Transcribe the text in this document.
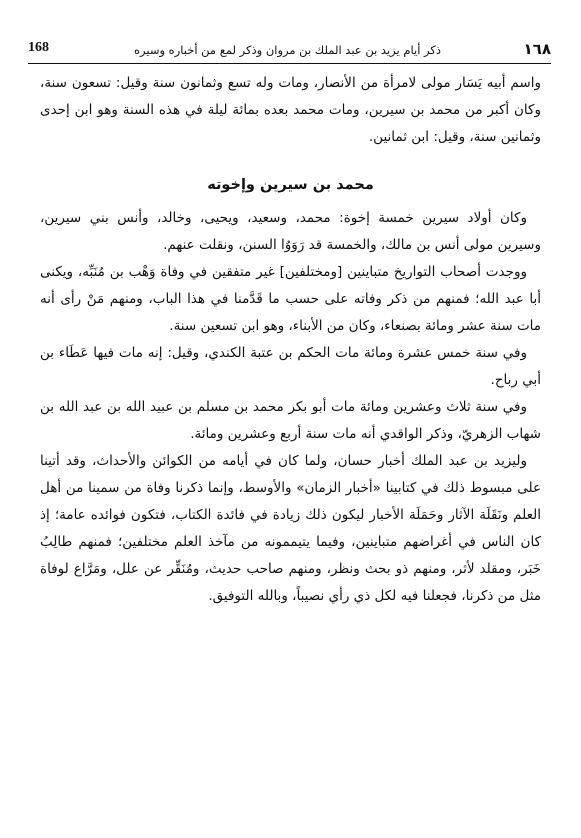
١٦٨
ذكر أيام يزيد بن عبد الملك بن مروان وذكر لمع من أخباره وسيره
168

واسم أبيه يَسَار مولى لامرأة من الأنصار، ومات وله تسع وثمانون سنة وقيل: تسعون سنة، وكان أكبر من محمد بن سيرين، ومات محمد بعده بمائة ليلة في هذه السنة وهو ابن إحدى وثمانين سنة، وقيل: ابن ثمانين.

محمد بن سيرين وإخوته

وكان أولاد سيرين خمسة إخوة: محمد، وسعيد، ويحيى، وخالد، وأنس بني سيرين، وسيرين مولى أنس بن مالك، والخمسة قد رَوَوُا السنن، ونقلت عنهم.

ووجدت أصحاب التواريخ متباينين [ومختلفين] غير متفقين في وفاة وَهْب بن مُنَبِّه، ويكنى أبا عبد الله؛ فمنهم من ذكر وفاته على حسب ما قَدَّمنا في هذا الباب، ومنهم مَنْ رأى أنه مات سنة عشر ومائة بصنعاء، وكان من الأبناء، وهو ابن تسعين سنة.

وفي سنة خمس عشرة ومائة مات الحكم بن عتبة الكندي، وقيل: إنه مات فيها عَطَاء بن أبي رباح.

وفي سنة ثلاث وعشرين ومائة مات أبو بكر محمد بن مسلم بن عبيد الله بن عبد الله بن شهاب الزهريّ، وذكر الواقدي أنه مات سنة أربع وعشرين ومائة.

وليزيد بن عبد الملك أخبار حسان، ولما كان في أيامه من الكوائن والأحداث، وقد أتينا على مبسوط ذلك في كتابينا «أخبار الزمان» والأوسط، وإنما ذكرنا وفاة من سمينا من أهل العلم ونَقَلَة الآثار وحَمَلَة الأخبار ليكون ذلك زيادة في فائدة الكتاب، فتكون فوائده عامة؛ إذ كان الناس في أغراضهم متباينين، وفيما يتيممونه من مآخذ العلم مختلفين؛ فمنهم طالِبُ خَبَر، ومقلد لأثر، ومنهم ذو بحث ونظر، ومنهم صاحب حديث، ومُنَقِّر عن علل، ومَرَّاع لوفاة مثل من ذكرنا، فجعلنا فيه لكل ذي رأي نصيباً، وبالله التوفيق.
